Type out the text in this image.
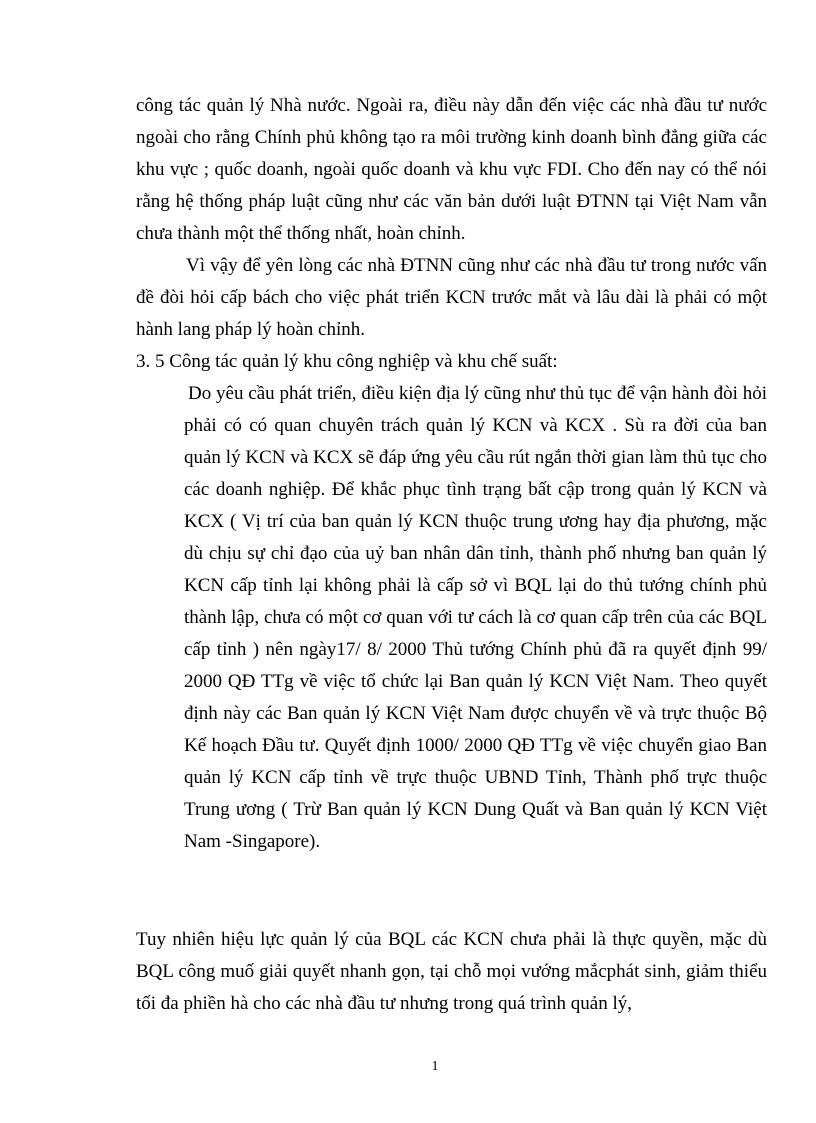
công tác quản lý Nhà nước. Ngoài ra, điều này dẫn đến việc các nhà đầu tư nước ngoài cho rằng Chính phủ không tạo ra môi trường kinh doanh bình đẳng giữa các khu vực ; quốc doanh, ngoài quốc doanh và khu vực FDI. Cho đến nay có thể nói rằng hệ thống pháp luật cũng như các văn bản dưới luật ĐTNN tại Việt Nam vẫn chưa thành một thể thống nhất, hoàn chỉnh.

Vì vậy để yên lòng các nhà ĐTNN cũng như các nhà đầu tư trong nước vấn đề đòi hỏi cấp bách cho việc phát triển KCN trước mắt và lâu dài là phải có một hành lang pháp lý hoàn chỉnh.

3. 5 Công tác quản lý khu công nghiệp và khu chế suất:

Do yêu cầu phát triển, điều kiện địa lý cũng như thủ tục để vận hành đòi hỏi phải có có quan chuyên trách quản lý KCN và KCX . Sù ra đời của ban quản lý KCN và KCX sẽ đáp ứng yêu cầu rút ngắn thời gian làm thủ tục cho các doanh nghiệp. Để khắc phục tình trạng bất cập trong quản lý KCN và KCX ( Vị trí của ban quản lý KCN thuộc trung ương hay địa phương, mặc dù chịu sự chỉ đạo của uỷ ban nhân dân tỉnh, thành phố nhưng ban quản lý KCN cấp tỉnh lại không phải là cấp sở vì BQL lại do thủ tướng chính phủ thành lập, chưa có một cơ quan với tư cách là cơ quan cấp trên của các BQL cấp tỉnh ) nên ngày17/ 8/ 2000 Thủ tướng Chính phủ đã ra quyết định 99/ 2000 QĐ TTg về việc tổ chức lại Ban quản lý KCN Việt Nam. Theo quyết định này các Ban quản lý KCN Việt Nam được chuyển về và trực thuộc Bộ Kế hoạch Đầu tư. Quyết định 1000/ 2000 QĐ TTg về việc chuyển giao Ban quản lý KCN cấp tỉnh về trực thuộc UBND Tỉnh, Thành phố trực thuộc Trung ương ( Trừ Ban quản lý KCN Dung Quất và Ban quản lý KCN Việt Nam -Singapore).

Tuy nhiên hiệu lực quản lý của BQL các KCN chưa phải là thực quyền, mặc dù BQL công muố giải quyết nhanh gọn, tại chỗ mọi vướng mắcphát sinh, giảm thiểu tối đa phiền hà cho các nhà đầu tư nhưng trong quá trình quản lý,

1
